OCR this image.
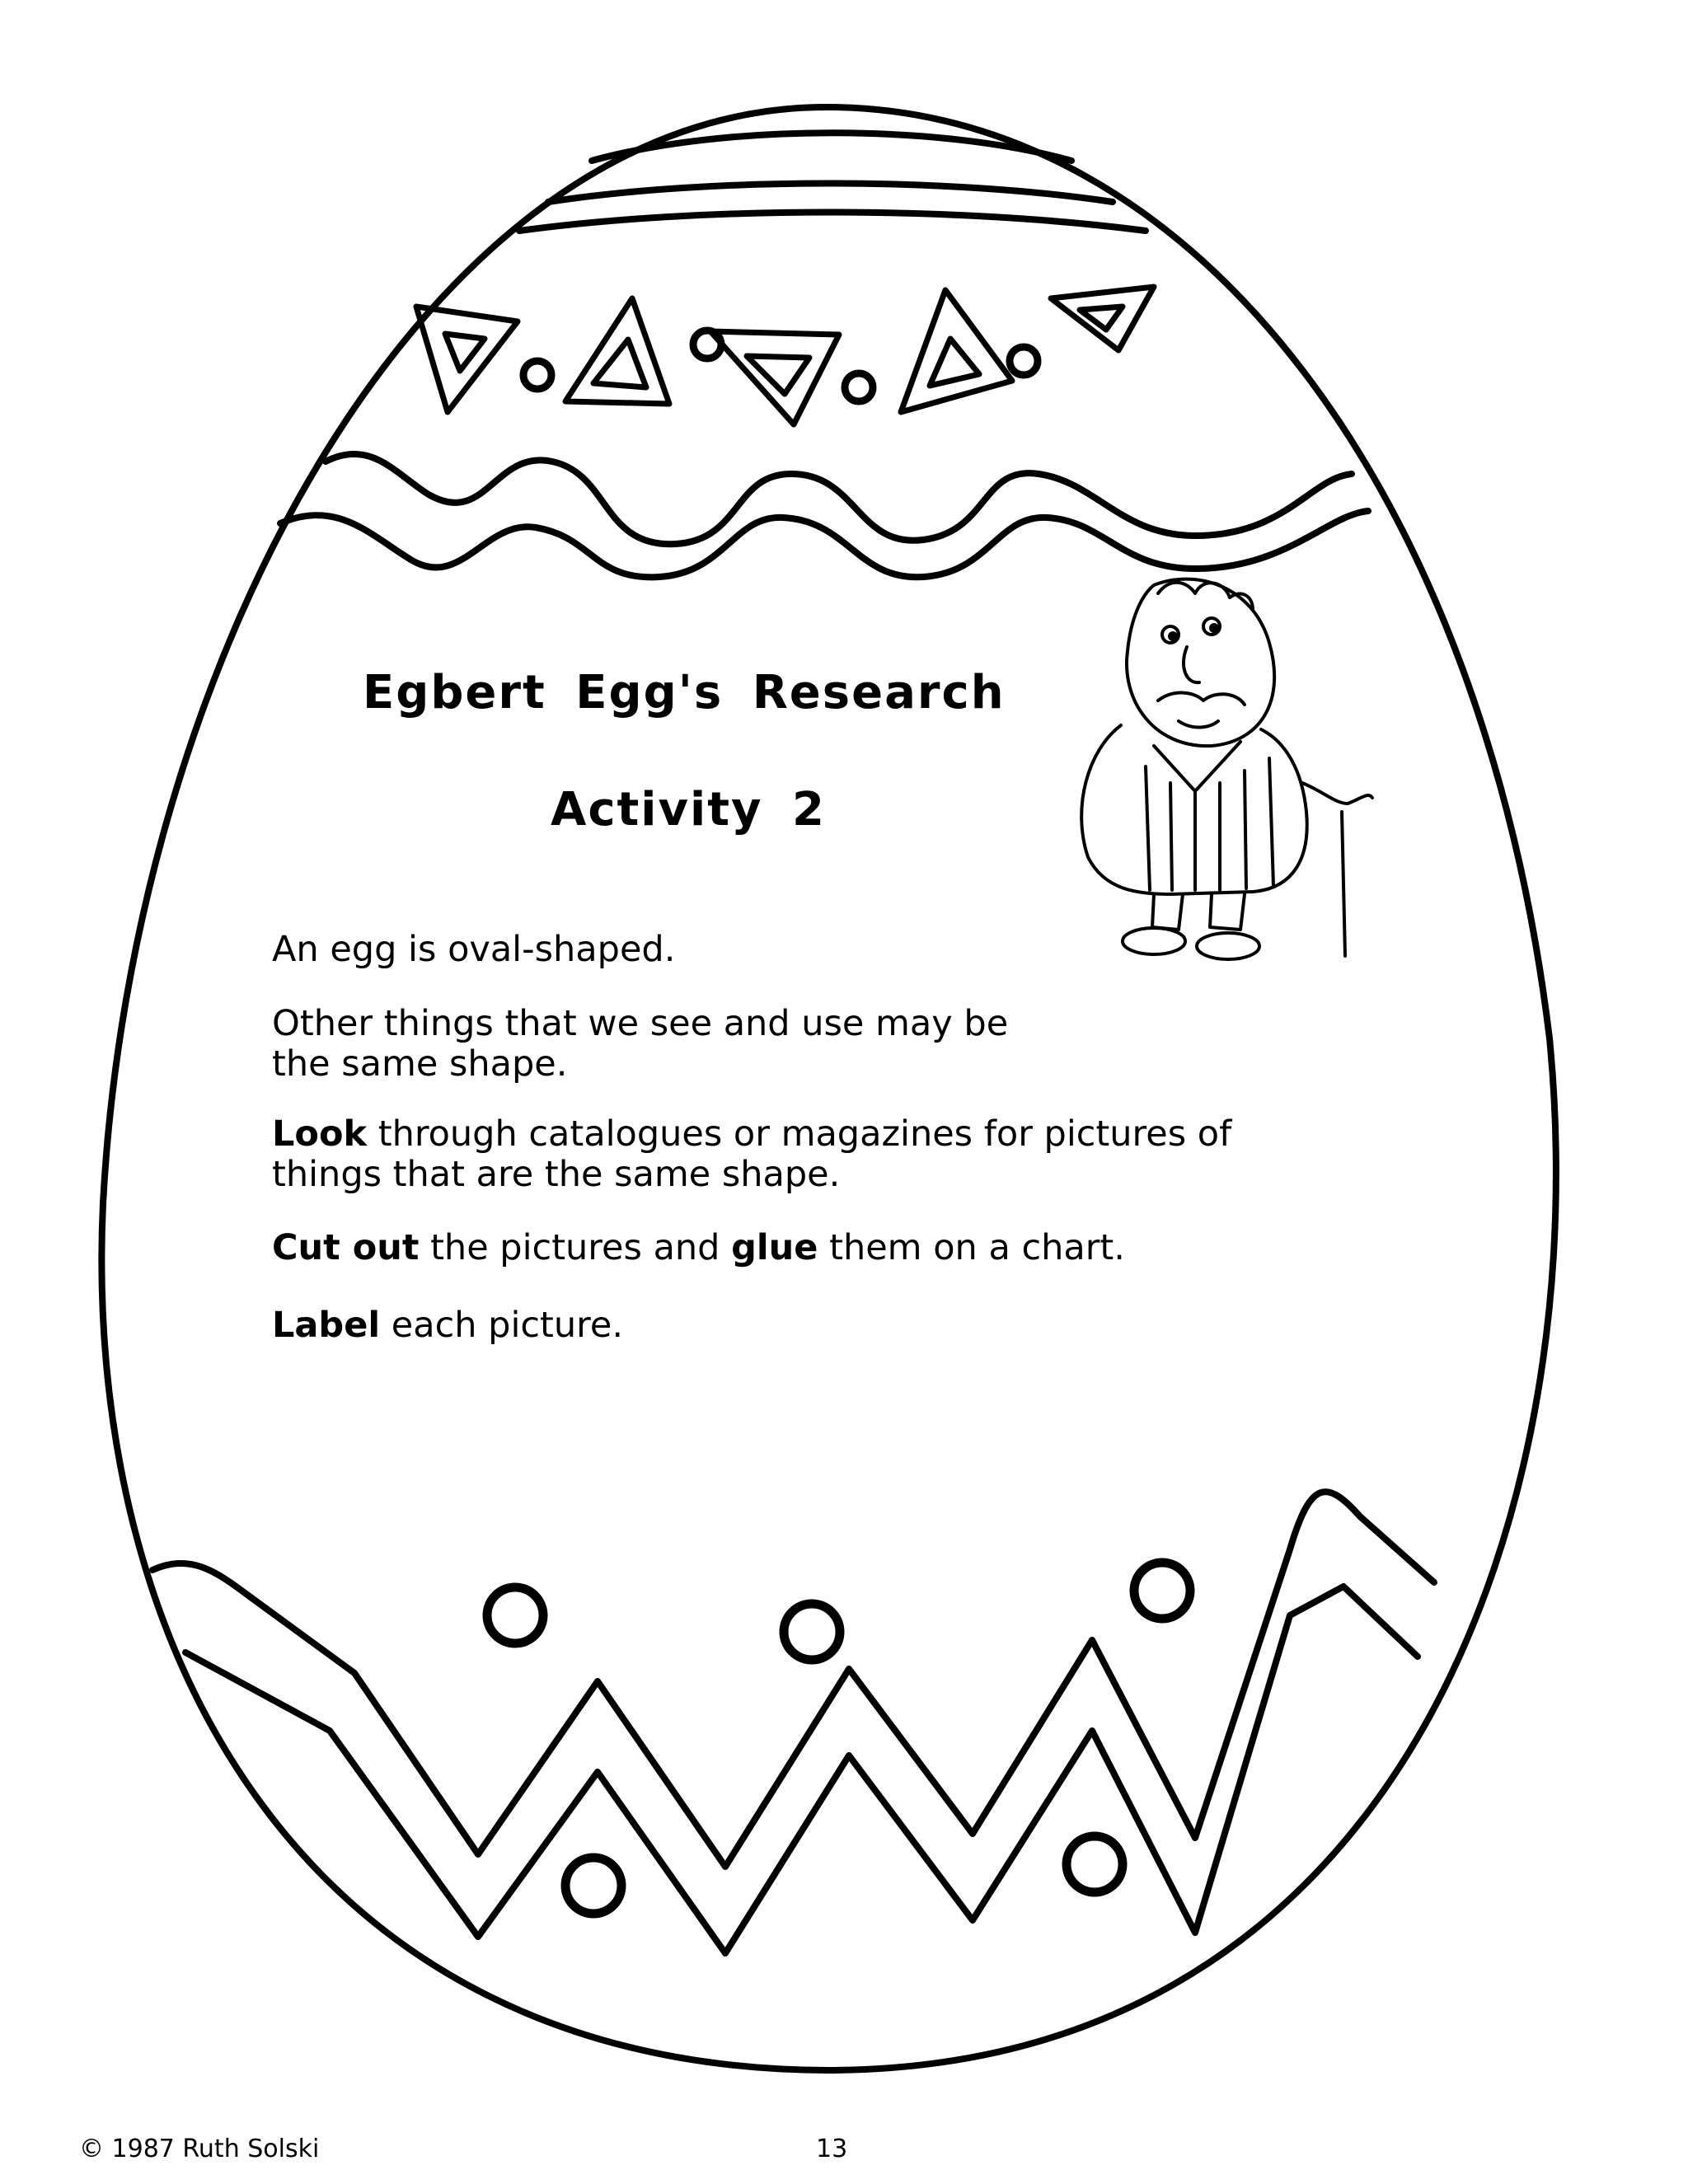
Egbert Egg's Research
Activity 2
An egg is oval-shaped.
Other things that we see and use may be
the same shape.
Look through catalogues or magazines for pictures of
things that are the same shape.
Cut out the pictures and glue them on a chart.
Label each picture.
© 1987 Ruth Solski	13
